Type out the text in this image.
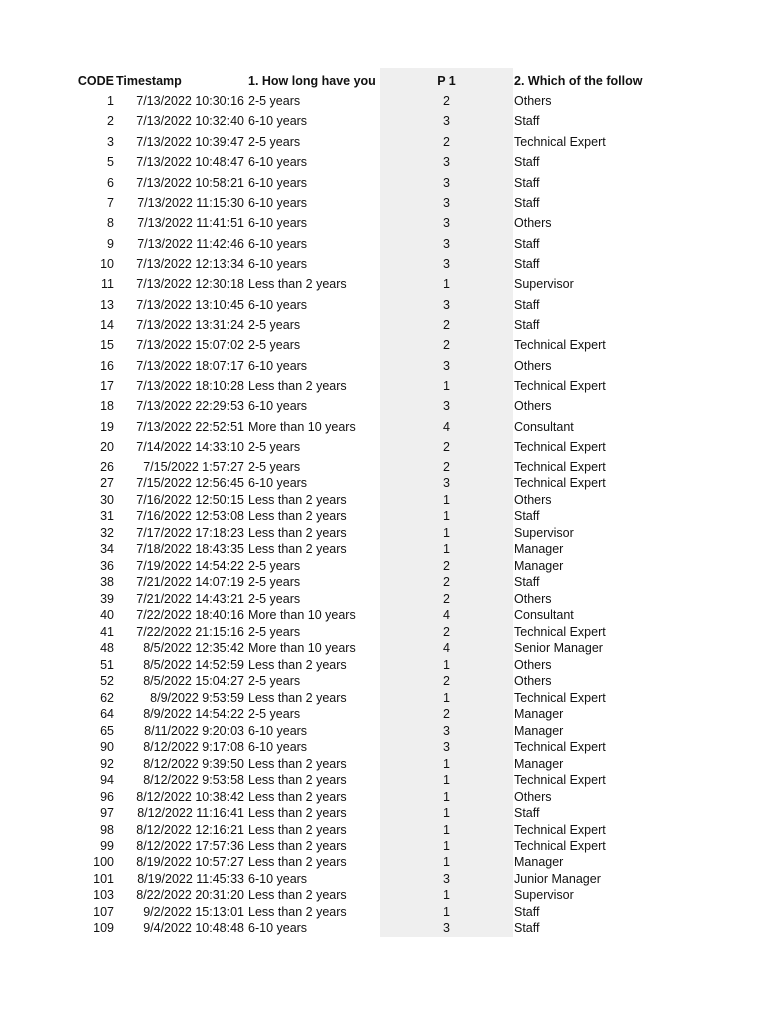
CODE Timestamp	1. How long have you	P 1	2. Which of the follow
1 7/13/2022 10:30:16 2-5 years	2	Others
2 7/13/2022 10:32:40 6-10 years	3	Staff
3 7/13/2022 10:39:47 2-5 years	2	Technical Expert
5 7/13/2022 10:48:47 6-10 years	3	Staff
6 7/13/2022 10:58:21 6-10 years	3	Staff
7 7/13/2022 11:15:30 6-10 years	3	Staff
8 7/13/2022 11:41:51 6-10 years	3	Others
9 7/13/2022 11:42:46 6-10 years	3	Staff
10 7/13/2022 12:13:34 6-10 years	3	Staff
11 7/13/2022 12:30:18 Less than 2 years	1	Supervisor
13 7/13/2022 13:10:45 6-10 years	3	Staff
14 7/13/2022 13:31:24 2-5 years	2	Staff
15 7/13/2022 15:07:02 2-5 years	2	Technical Expert
16 7/13/2022 18:07:17 6-10 years	3	Others
17 7/13/2022 18:10:28 Less than 2 years	1	Technical Expert
18 7/13/2022 22:29:53 6-10 years	3	Others
19 7/13/2022 22:52:51 More than 10 years	4	Consultant
20 7/14/2022 14:33:10 2-5 years	2	Technical Expert
26 7/15/2022 1:57:27 2-5 years	2	Technical Expert
27 7/15/2022 12:56:45 6-10 years	3	Technical Expert
30 7/16/2022 12:50:15 Less than 2 years	1	Others
31 7/16/2022 12:53:08 Less than 2 years	1	Staff
32 7/17/2022 17:18:23 Less than 2 years	1	Supervisor
34 7/18/2022 18:43:35 Less than 2 years	1	Manager
36 7/19/2022 14:54:22 2-5 years	2	Manager
38 7/21/2022 14:07:19 2-5 years	2	Staff
39 7/21/2022 14:43:21 2-5 years	2	Others
40 7/22/2022 18:40:16 More than 10 years	4	Consultant
41 7/22/2022 21:15:16 2-5 years	2	Technical Expert
48 8/5/2022 12:35:42 More than 10 years	4	Senior Manager
51 8/5/2022 14:52:59 Less than 2 years	1	Others
52 8/5/2022 15:04:27 2-5 years	2	Others
62	8/9/2022 9:53:59 Less than 2 years	1	Technical Expert
64 8/9/2022 14:54:22 2-5 years	2	Manager
65 8/11/2022 9:20:03 6-10 years	3	Manager
90 8/12/2022 9:17:08 6-10 years	3	Technical Expert
92 8/12/2022 9:39:50 Less than 2 years	1	Manager
94 8/12/2022 9:53:58 Less than 2 years	1	Technical Expert
96 8/12/2022 10:38:42 Less than 2 years	1	Others
97 8/12/2022 11:16:41 Less than 2 years	1	Staff
98 8/12/2022 12:16:21 Less than 2 years	1	Technical Expert
99 8/12/2022 17:57:36 Less than 2 years	1	Technical Expert
100 8/19/2022 10:57:27 Less than 2 years	1	Manager
101 8/19/2022 11:45:33 6-10 years	3	Junior Manager
103 8/22/2022 20:31:20 Less than 2 years	1	Supervisor
107 9/2/2022 15:13:01 Less than 2 years	1	Staff
109 9/4/2022 10:48:48 6-10 years	3	Staff
